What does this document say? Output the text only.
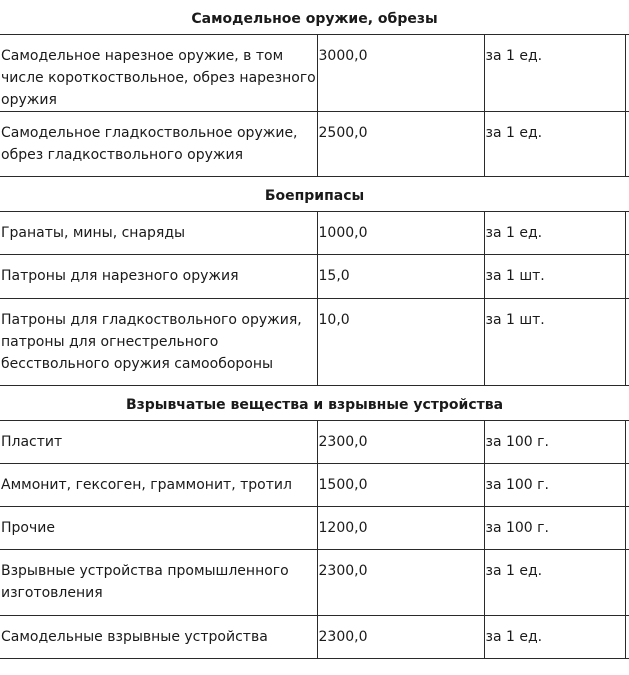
Самодельное оружие, обрезы			
Самодельное нарезное оружие, в том числе короткоствольное, обрез нарезного оружия	3000,0	за 1 ед.	
Самодельное гладкоствольное оружие, обрез гладкоствольного оружия	2500,0	за 1 ед.	
Боеприпасы			
Гранаты, мины, снаряды	1000,0	за 1 ед.	
Патроны для нарезного оружия	15,0	за 1 шт.	
Патроны для гладкоствольного оружия, патроны для огнестрельного бесствольного оружия самообороны	10,0	за 1 шт.	
Взрывчатые вещества и взрывные устройства			
Пластит	2300,0	за 100 г.	
Аммонит, гексоген, граммонит, тротил	1500,0	за 100 г.	
Прочие	1200,0	за 100 г.	
Взрывные устройства промышленного изготовления	2300,0	за 1 ед.	
Самодельные взрывные устройства	2300,0	за 1 ед.	
